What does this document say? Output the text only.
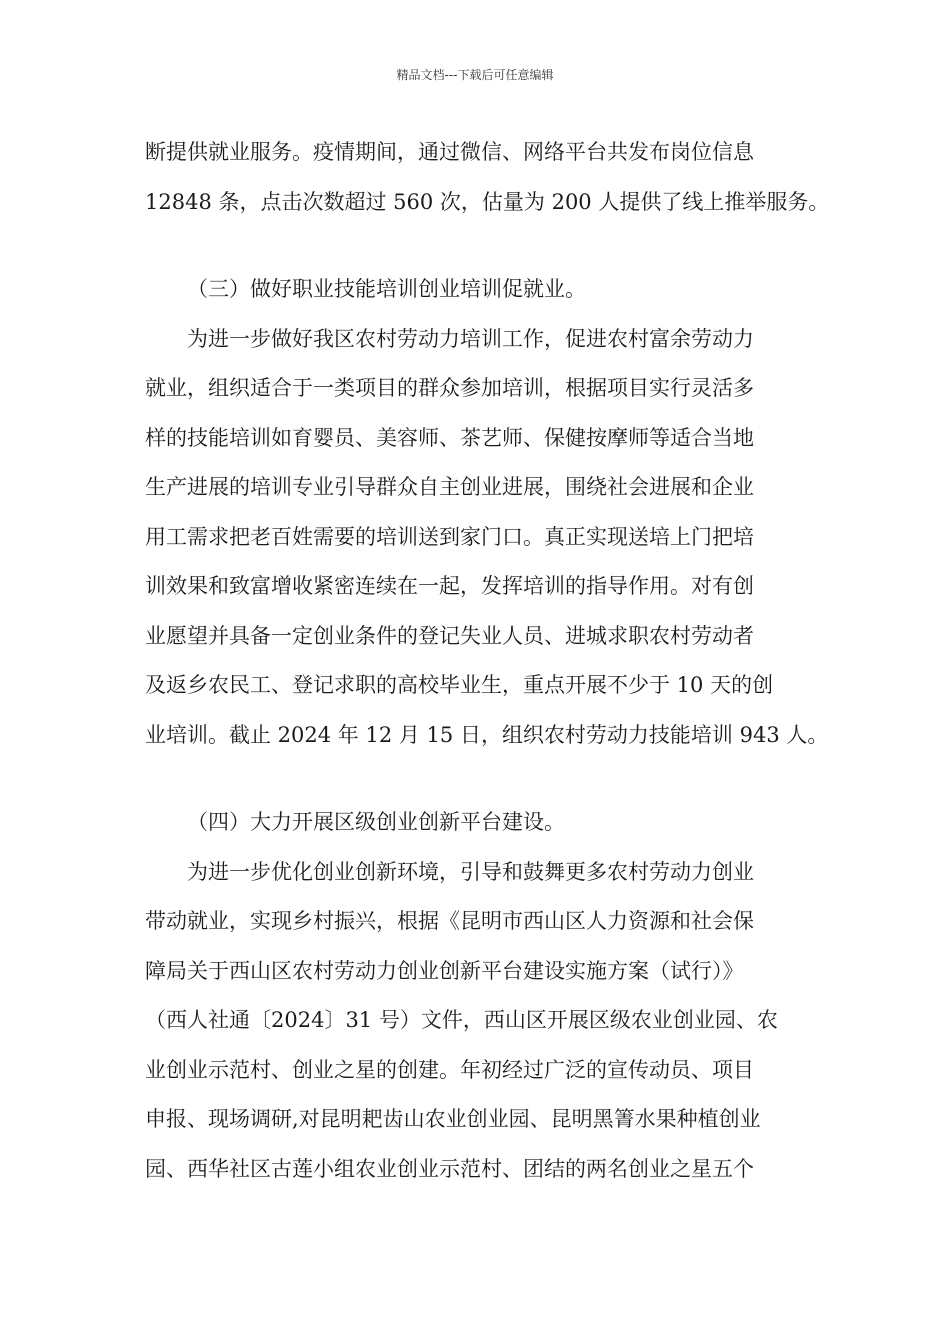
精品文档---下载后可任意编辑
断提供就业服务。疫情期间，通过微信、网络平台共发布岗位信息
12848 条，点击次数超过 560 次，估量为 200 人提供了线上推举服务。
（三）做好职业技能培训创业培训促就业。
　　为进一步做好我区农村劳动力培训工作，促进农村富余劳动力
就业，组织适合于一类项目的群众参加培训，根据项目实行灵活多
样的技能培训如育婴员、美容师、茶艺师、保健按摩师等适合当地
生产进展的培训专业引导群众自主创业进展，围绕社会进展和企业
用工需求把老百姓需要的培训送到家门口。真正实现送培上门把培
训效果和致富增收紧密连续在一起，发挥培训的指导作用。对有创
业愿望并具备一定创业条件的登记失业人员、进城求职农村劳动者
及返乡农民工、登记求职的高校毕业生，重点开展不少于 10 天的创
业培训。截止 2024 年 12 月 15 日，组织农村劳动力技能培训 943 人。
（四）大力开展区级创业创新平台建设。
　　为进一步优化创业创新环境，引导和鼓舞更多农村劳动力创业
带动就业，实现乡村振兴，根据《昆明市西山区人力资源和社会保
障局关于西山区农村劳动力创业创新平台建设实施方案（试行）》
（西人社通〔2024〕31 号）文件，西山区开展区级农业创业园、农
业创业示范村、创业之星的创建。年初经过广泛的宣传动员、项目
申报、现场调研,对昆明耙齿山农业创业园、昆明黑箐水果种植创业
园、西华社区古莲小组农业创业示范村、团结的两名创业之星五个
